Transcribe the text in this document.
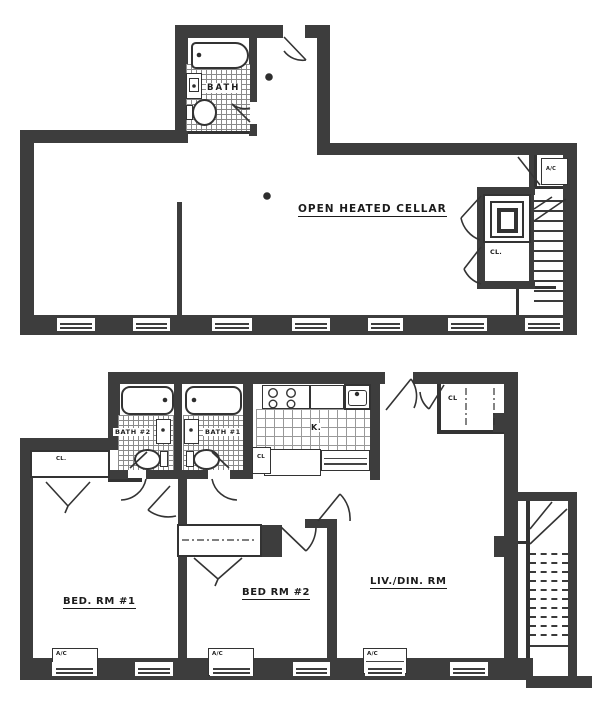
BATH
OPEN HEATED CELLAR
CL.
A/C
BATH #2	BATH #1	K.
CL
CL
CL.
BED. RM #1
BED RM #2
LIV./DIN. RM
A/C	A/C	A/C
